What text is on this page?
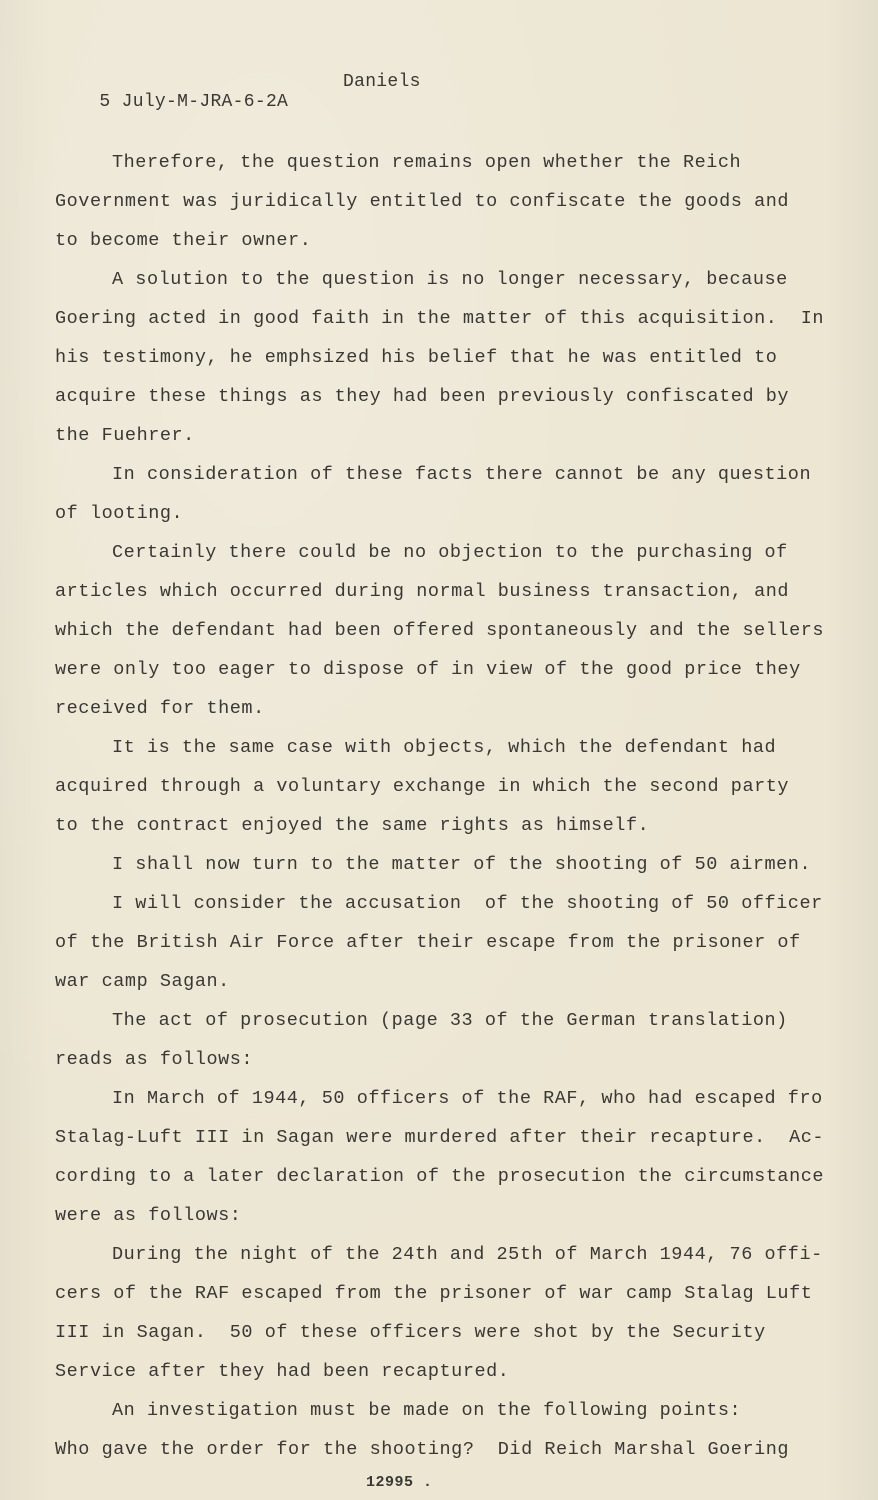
5 July-M-JRA-6-2A

Daniels

Therefore, the question remains open whether the Reich
Government was juridically entitled to confiscate the goods and
to become their owner.
A solution to the question is no longer necessary, because
Goering acted in good faith in the matter of this acquisition.  In
his testimony, he emphsized his belief that he was entitled to
acquire these things as they had been previously confiscated by
the Fuehrer.
In consideration of these facts there cannot be any question
of looting.
Certainly there could be no objection to the purchasing of
articles which occurred during normal business transaction, and
which the defendant had been offered spontaneously and the sellers
were only too eager to dispose of in view of the good price they
received for them.
It is the same case with objects, which the defendant had
acquired through a voluntary exchange in which the second party
to the contract enjoyed the same rights as himself.
I shall now turn to the matter of the shooting of 50 airmen.
I will consider the accusation  of the shooting of 50 officer
of the British Air Force after their escape from the prisoner of
war camp Sagan.
The act of prosecution (page 33 of the German translation)
reads as follows:
In March of 1944, 50 officers of the RAF, who had escaped fro
Stalag-Luft III in Sagan were murdered after their recapture.  Ac-
cording to a later declaration of the prosecution the circumstance
were as follows:
During the night of the 24th and 25th of March 1944, 76 offi-
cers of the RAF escaped from the prisoner of war camp Stalag Luft
III in Sagan.  50 of these officers were shot by the Security
Service after they had been recaptured.
An investigation must be made on the following points:
Who gave the order for the shooting?  Did Reich Marshal Goering
12995 .
